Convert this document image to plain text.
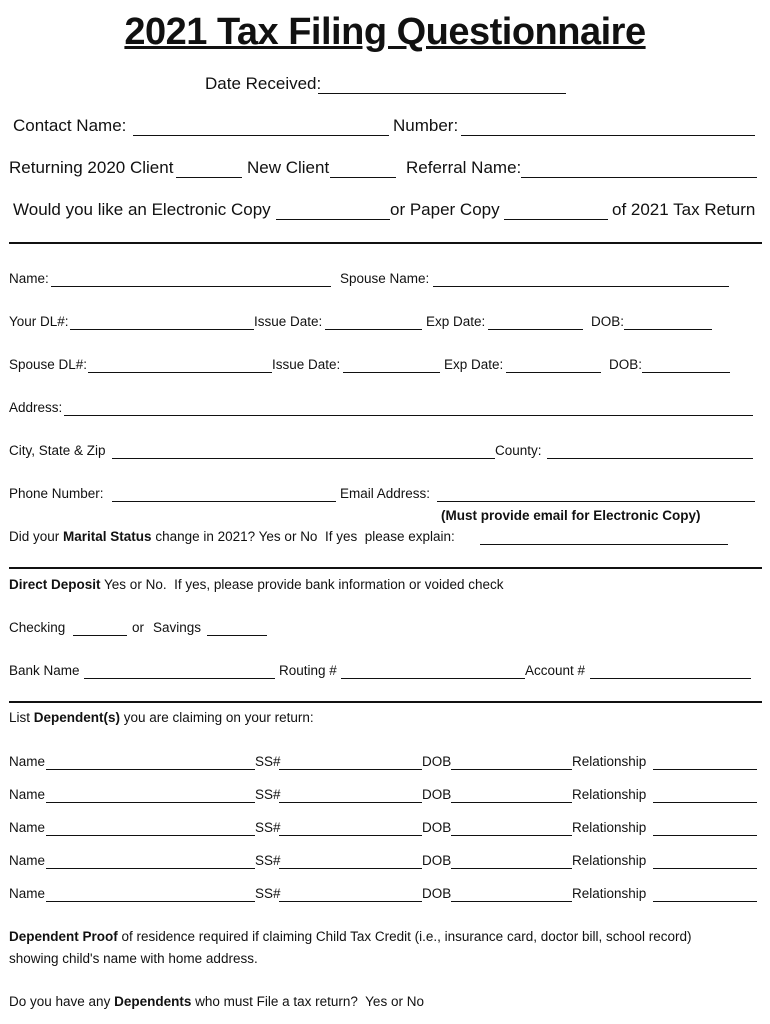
2021 Tax Filing Questionnaire
Date Received:
Contact Name:	Number:
Returning 2020 Client	New Client	Referral Name:
Would you like an Electronic Copy	or Paper Copy	of 2021 Tax Return
Name:	Spouse Name:
Your DL#:	Issue Date:	Exp Date:	DOB:
Spouse DL#:	Issue Date:	Exp Date:	DOB:
Address:
City, State & Zip	County:
Phone Number:	Email Address:
(Must provide email for Electronic Copy)
Did your Marital Status change in 2021? Yes or No  If yes  please explain:
Direct Deposit Yes or No.  If yes, please provide bank information or voided check
Checking	or Savings
Bank Name	Routing #	Account #
List Dependent(s) you are claiming on your return:
Name	SS#	DOB	Relationship
Name	SS#	DOB	Relationship
Name	SS#	DOB	Relationship
Name	SS#	DOB	Relationship
Name	SS#	DOB	Relationship
Dependent Proof of residence required if claiming Child Tax Credit (i.e., insurance card, doctor bill, school record)
showing child's name with home address.
Do you have any Dependents who must File a tax return?  Yes or No
